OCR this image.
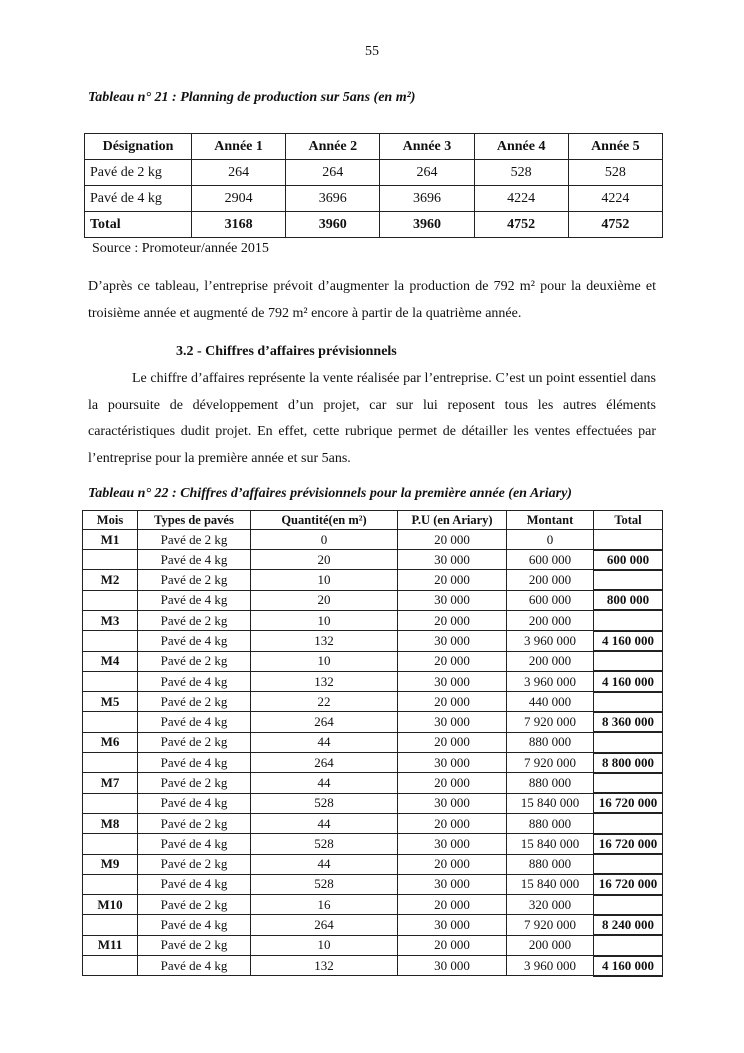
55
Tableau n° 21 : Planning de production sur 5ans (en m²)
Désignation	Année 1	Année 2	Année 3	Année 4	Année 5
Pavé de 2 kg	264	264	264	528	528
Pavé de 4 kg	2904	3696	3696	4224	4224
Total	3168	3960	3960	4752	4752
Source : Promoteur/année 2015
D’après ce tableau, l’entreprise prévoit d’augmenter la production de 792 m² pour la deuxième et troisième année et augmenté de 792 m² encore à partir de la quatrième année.
3.2 - Chiffres d’affaires prévisionnels
Le chiffre d’affaires représente la vente réalisée par l’entreprise. C’est un point essentiel dans la poursuite de développement d’un projet, car sur lui reposent tous les autres éléments caractéristiques dudit projet. En effet, cette rubrique permet de détailler les ventes effectuées par l’entreprise pour la première année et sur 5ans.
Tableau n° 22 : Chiffres d’affaires prévisionnels pour la première année (en Ariary)
Mois	Types de pavés	Quantité(en m²)	P.U (en Ariary)	Montant	Total
M1	Pavé de 2 kg	0	20 000	0	
	Pavé de 4 kg	20	30 000	600 000	600 000
M2	Pavé de 2 kg	10	20 000	200 000	
	Pavé de 4 kg	20	30 000	600 000	800 000
M3	Pavé de 2 kg	10	20 000	200 000	
	Pavé de 4 kg	132	30 000	3 960 000	4 160 000
M4	Pavé de 2 kg	10	20 000	200 000	
	Pavé de 4 kg	132	30 000	3 960 000	4 160 000
M5	Pavé de 2 kg	22	20 000	440 000	
	Pavé de 4 kg	264	30 000	7 920 000	8 360 000
M6	Pavé de 2 kg	44	20 000	880 000	
	Pavé de 4 kg	264	30 000	7 920 000	8 800 000
M7	Pavé de 2 kg	44	20 000	880 000	
	Pavé de 4 kg	528	30 000	15 840 000	16 720 000
M8	Pavé de 2 kg	44	20 000	880 000	
	Pavé de 4 kg	528	30 000	15 840 000	16 720 000
M9	Pavé de 2 kg	44	20 000	880 000	
	Pavé de 4 kg	528	30 000	15 840 000	16 720 000
M10	Pavé de 2 kg	16	20 000	320 000	
	Pavé de 4 kg	264	30 000	7 920 000	8 240 000
M11	Pavé de 2 kg	10	20 000	200 000	
	Pavé de 4 kg	132	30 000	3 960 000	4 160 000
